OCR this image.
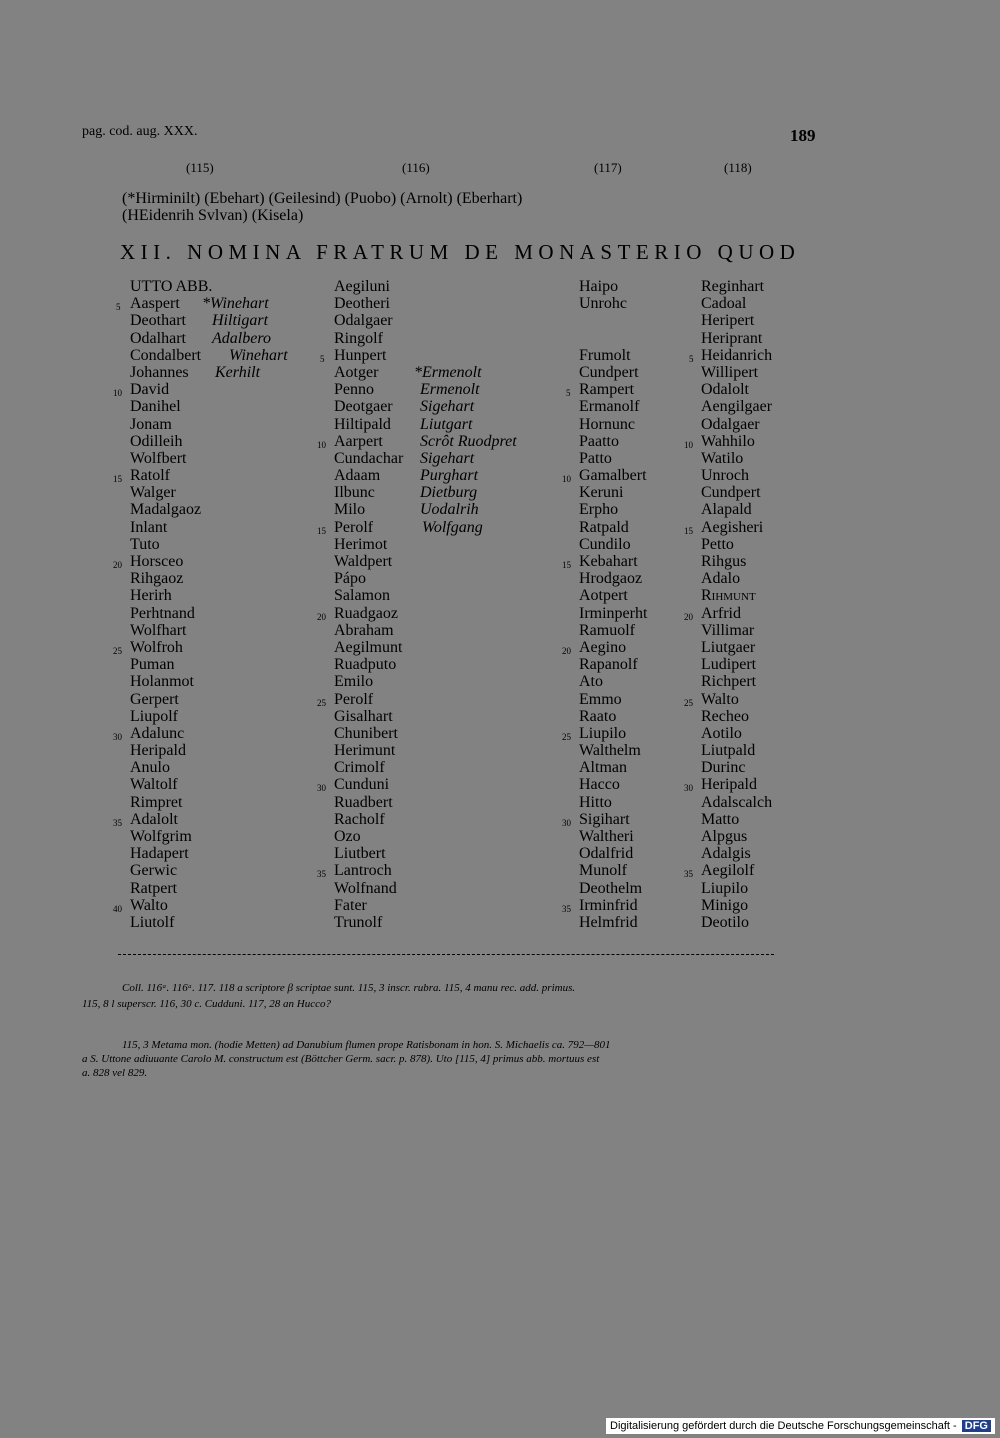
pag. cod. aug. XXX.	189
(115)	(116)	(117)	(118)
(*Hirminilt) (Ebehart) (Geilesind) (Puobo) (Arnolt) (Eberhart)
(HEidenrih Svlvan) (Kisela)
XII. NOMINA FRATRUM DE MONASTERIO QUOD
UTTO ABB.
5 Aaspert *Winehart
Deothart Hiltigart
Odalhart Adalbero
Condalbert Winehart
Johannes Kerhilt
10 David
Danihel
Jonam
Odilleih
Wolfbert
15 Ratolf
Walger
Madalgaoz
Inlant
Tuto
20 Horsceo
Rihgaoz
Herirh
Perhtnand
Wolfhart
25 Wolfroh
Puman
Holanmot
Gerpert
Liupolf
30 Adalunc
Heripald
Anulo
Waltolf
Rimpret
35 Adalolt
Wolfgrim
Hadapert
Gerwic
Ratpert
40 Walto
Liutolf
Aegiluni
Deotheri
Odalgaer
Ringolf
5 Hunpert
Aotger *Ermenolt
Penno	Ermenolt
Deotgaer Sigehart
Hiltipald Liutgart
10 Aarpert Scrôt Ruodpret
Cundachar Sigehart
Adaam Purghart
Ilbunc	Dietburg
Milo	Uodalrih
15 Perolf	Wolfgang
Herimot
Waldpert
Pápo
Salamon
20 Ruadgaoz
Abraham
Aegilmunt
Ruadputo
Emilo
25 Perolf
Gisalhart
Chunibert
Herimunt
Crimolf
30 Cunduni
Ruadbert
Racholf
Ozo
Liutbert
35 Lantroch
Wolfnand
Fater
Trunolf
Haipo
Unrohc
Frumolt
Cundpert
5 Rampert
Ermanolf
Hornunc
Paatto
Patto
10 Gamalbert
Keruni
Erpho
Ratpald
Cundilo
15 Kebahart
Hrodgaoz
Aotpert
Irminperht
Ramuolf
20 Aegino
Rapanolf
Ato
Emmo
Raato
25 Liupilo
Walthelm
Altman
Hacco
Hitto
30 Sigihart
Waltheri
Odalfrid
Munolf
Deothelm
35 Irminfrid
Helmfrid
Reginhart
Cadoal
Heripert
Heriprant
5 Heidanrich
Willipert
Odalolt
Aengilgaer
Odalgaer
10 Wahhilo
Watilo
Unroch
Cundpert
Alapald
15 Aegisheri
Petto
Rihgus
Adalo
Rihmunt
20 Arfrid
Villimar
Liutgaer
Ludipert
Richpert
25 Walto
Recheo
Aotilo
Liutpald
Durinc
30 Heripald
Adalscalch
Matto
Alpgus
Adalgis
35 Aegilolf
Liupilo
Minigo
Deotilo
Coll. 116ᵃ. 116ᵃ. 117. 118 a scriptore β scriptae sunt. 115, 3 inscr. rubra. 115, 4 manu rec. add. primus.
115, 8 l superscr. 116, 30 c. Cudduni. 117, 28 an Hucco?
115, 3 Metama mon. (hodie Metten) ad Danubium flumen prope Ratisbonam in hon. S. Michaelis ca. 792—801
a S. Uttone adiuuante Carolo M. constructum est (Böttcher Germ. sacr. p. 878). Uto [115, 4] primus abb. mortuus est
a. 828 vel 829.
Digitalisierung gefördert durch die Deutsche Forschungsgemeinschaft - DFG
